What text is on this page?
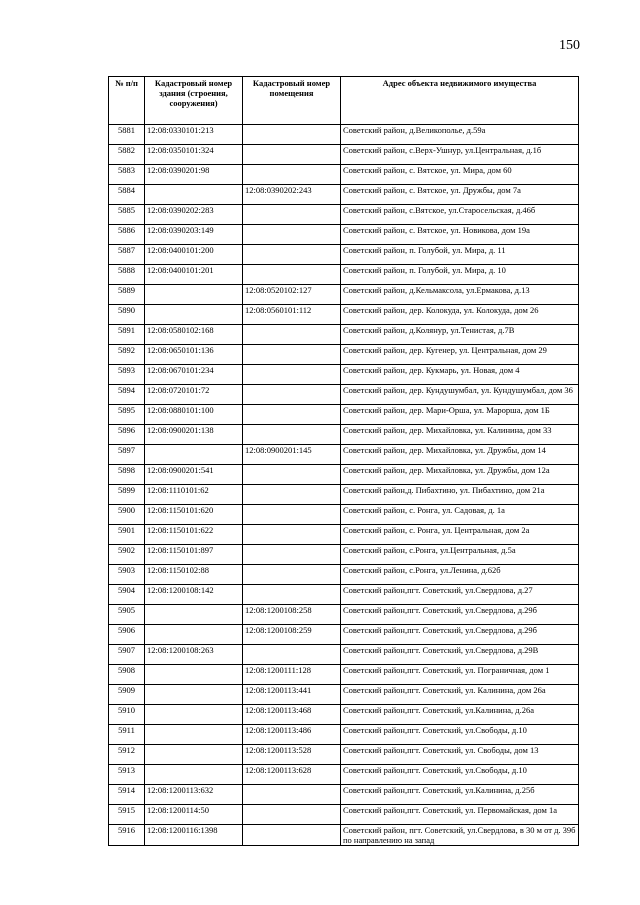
150
№ п/п	Кадастровый номер здания (строения, сооружения)	Кадастровый номер помещения	Адрес объекта недвижимого имущества
5881	12:08:0330101:213		Советский район, д.Великополье, д.59а
5882	12:08:0350101:324		Советский район, с.Верх-Ушнур, ул.Центральная, д.1б
5883	12:08:0390201:98		Советский район, с. Вятское, ул. Мира, дом 60
5884		12:08:0390202:243	Советский район, с. Вятское, ул. Дружбы, дом 7а
5885	12:08:0390202:283		Советский район, с.Вятское, ул.Старосельская, д.46б
5886	12:08:0390203:149		Советский район, с. Вятское, ул. Новикова, дом 19а
5887	12:08:0400101:200		Советский район, п. Голубой, ул. Мира, д. 11
5888	12:08:0400101:201		Советский район, п. Голубой, ул. Мира, д. 10
5889		12:08:0520102:127	Советский район, д.Кельмаксола, ул.Ермакова, д.13
5890		12:08:0560101:112	Советский район, дер. Колокуда, ул. Колокуда, дом 26
5891	12:08:0580102:168		Советский район, д.Колянур, ул.Тенистая, д.7В
5892	12:08:0650101:136		Советский район, дер. Кугенер, ул. Центральная, дом 29
5893	12:08:0670101:234		Советский район, дер. Кукмарь, ул. Новая, дом 4
5894	12:08:0720101:72		Советский район, дер. Кундушумбал, ул. Кундушумбал, дом 36
5895	12:08:0880101:100		Советский район, дер. Мари-Орша, ул. Марорша, дом 1Б
5896	12:08:0900201:138		Советский район, дер. Михайловка, ул. Калинина, дом 33
5897		12:08:0900201:145	Советский район, дер. Михайловка, ул. Дружбы, дом 14
5898	12:08:0900201:541		Советский район, дер. Михайловка, ул. Дружбы, дом 12а
5899	12:08:1110101:62		Советский район,д. Пибахтино, ул. Пибахтино, дом 21а
5900	12:08:1150101:620		Советский район, с. Ронга, ул. Садовая, д. 1а
5901	12:08:1150101:622		Советский район, с. Ронга, ул. Центральная, дом 2а
5902	12:08:1150101:897		Советский район, с.Ронга, ул.Центральная, д.5а
5903	12:08:1150102:88		Советский район, с.Ронга, ул.Ленина, д.62б
5904	12:08:1200108:142		Советский район,пгт. Советский, ул.Свердлова, д.27
5905		12:08:1200108:258	Советский район,пгт. Советский, ул.Свердлова, д.29б
5906		12:08:1200108:259	Советский район,пгт. Советский, ул.Свердлова, д.29б
5907	12:08:1200108:263		Советский район,пгт. Советский, ул.Свердлова, д.29В
5908		12:08:1200111:128	Советский район,пгт. Советский, ул. Пограничная, дом 1
5909		12:08:1200113:441	Советский район,пгт. Советский, ул. Калинина, дом 26а
5910		12:08:1200113:468	Советский район,пгт. Советский, ул.Калинина, д.26а
5911		12:08:1200113:486	Советский район,пгт. Советский, ул.Свободы, д.10
5912		12:08:1200113:528	Советский район,пгт. Советский, ул. Свободы, дом 13
5913		12:08:1200113:628	Советский район,пгт. Советский, ул.Свободы, д.10
5914	12:08:1200113:632		Советский район,пгт. Советский, ул.Калинина, д.25б
5915	12:08:1200114:50		Советский район,пгт. Советский, ул. Первомайская, дом 1а
5916	12:08:1200116:1398		Советский район, пгт. Советский, ул.Свердлова, в 30 м от д. 39б по направлению на запад
